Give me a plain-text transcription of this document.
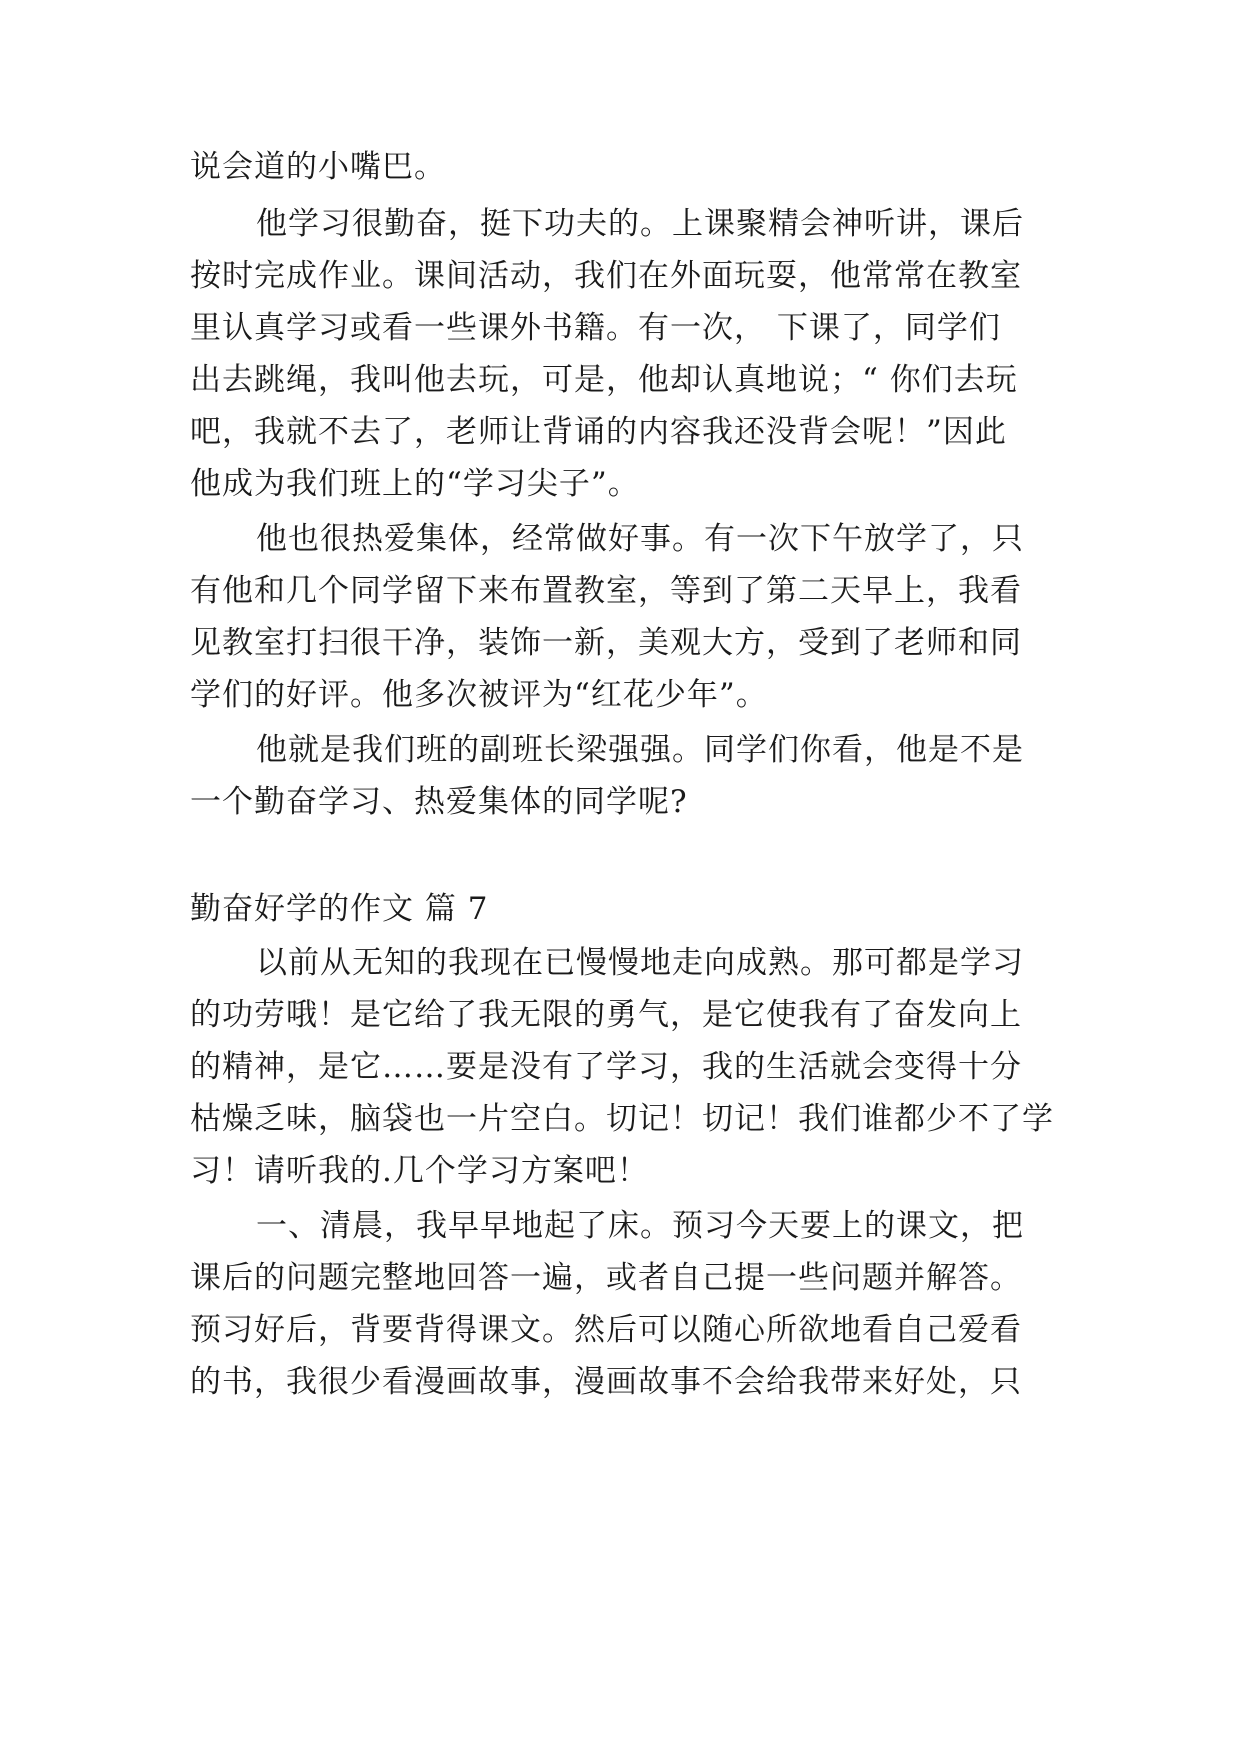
说会道的小嘴巴。
他学习很勤奋，挺下功夫的。上课聚精会神听讲，课后
按时完成作业。课间活动，我们在外面玩耍，他常常在教室
里认真学习或看一些课外书籍。有一次， 下课了，同学们
出去跳绳，我叫他去玩，可是，他却认真地说；“ 你们去玩
吧，我就不去了，老师让背诵的内容我还没背会呢！”因此
他成为我们班上的“学习尖子”。
他也很热爱集体，经常做好事。有一次下午放学了，只
有他和几个同学留下来布置教室，等到了第二天早上，我看
见教室打扫很干净，装饰一新，美观大方，受到了老师和同
学们的好评。他多次被评为“红花少年”。
他就是我们班的副班长梁强强。同学们你看，他是不是
一个勤奋学习、热爱集体的同学呢?
勤奋好学的作文 篇 7
以前从无知的我现在已慢慢地走向成熟。那可都是学习
的功劳哦！是它给了我无限的勇气，是它使我有了奋发向上
的精神，是它……要是没有了学习，我的生活就会变得十分
枯燥乏味，脑袋也一片空白。切记！切记！我们谁都少不了学
习！请听我的.几个学习方案吧！
一、清晨，我早早地起了床。预习今天要上的课文，把
课后的问题完整地回答一遍，或者自己提一些问题并解答。
预习好后，背要背得课文。然后可以随心所欲地看自己爱看
的书，我很少看漫画故事，漫画故事不会给我带来好处，只
